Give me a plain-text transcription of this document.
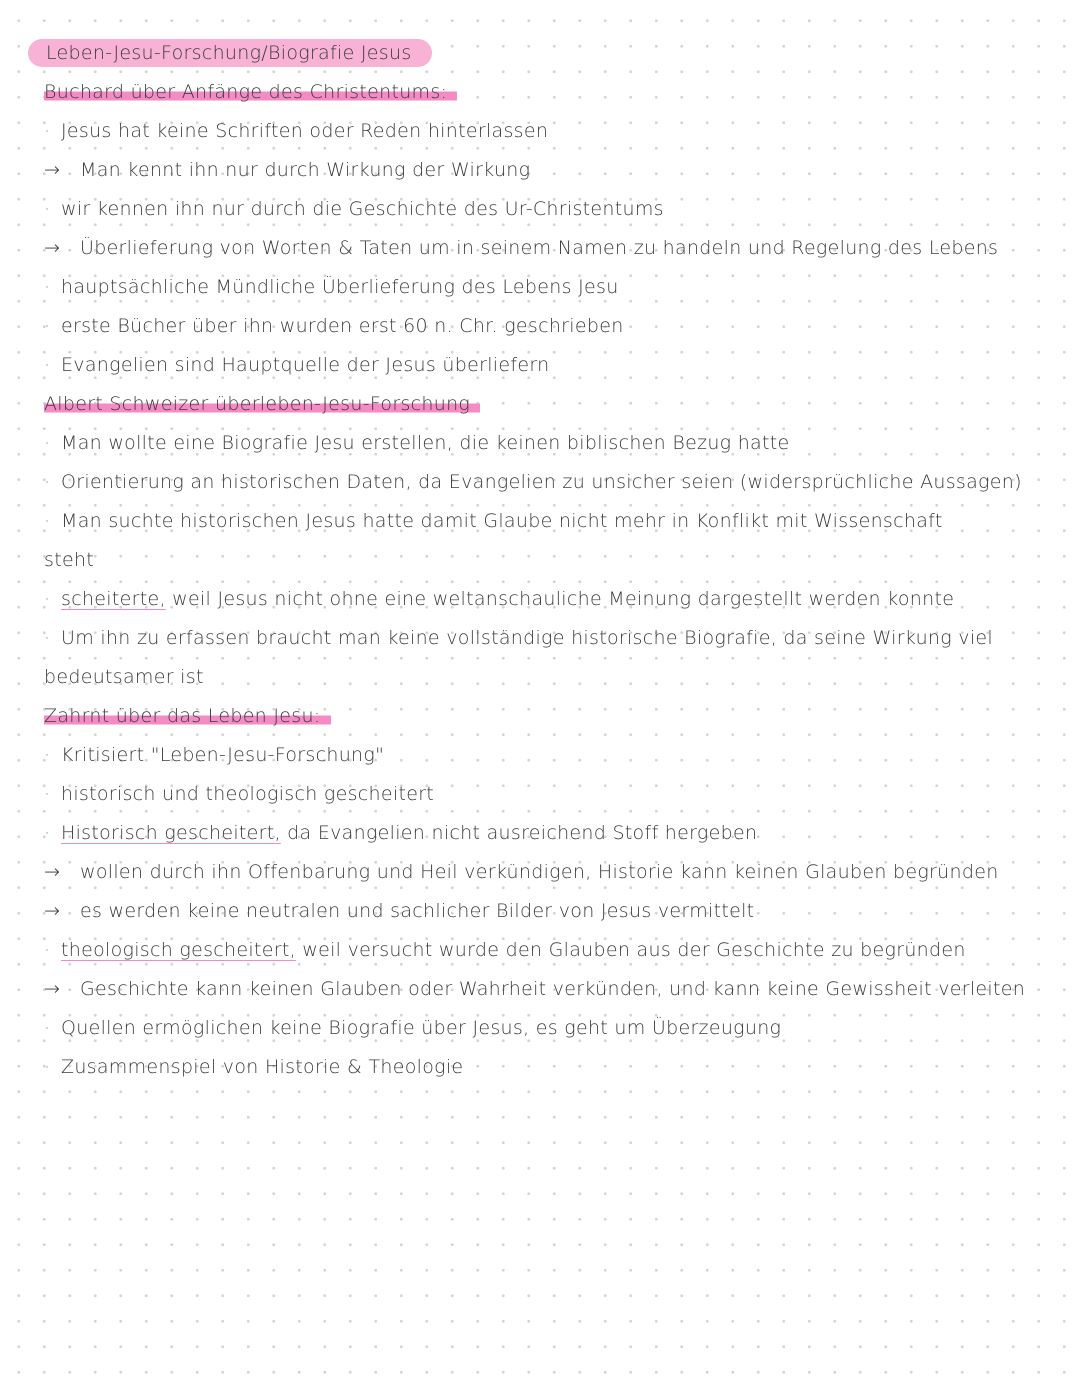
Leben-Jesu-Forschung/Biografie Jesus
Buchard über Anfänge des Christentums:
· Jesus hat keine Schriften oder Reden hinterlassen
→ Man kennt ihn nur durch Wirkung der Wirkung
· wir kennen ihn nur durch die Geschichte des Ur-Christentums
→ Überlieferung von Worten & Taten um in seinem Namen zu handeln und Regelung des Lebens
· hauptsächliche Mündliche Überlieferung des Lebens Jesu
· erste Bücher über ihn wurden erst 60 n. Chr. geschrieben
· Evangelien sind Hauptquelle der Jesus überliefern
Albert Schweizer überleben-Jesu-Forschung
· Man wollte eine Biografie Jesu erstellen, die keinen biblischen Bezug hatte
· Orientierung an historischen Daten, da Evangelien zu unsicher seien (widersprüchliche Aussagen)
· Man suchte historischen Jesus hatte damit Glaube nicht mehr in Konflikt mit Wissenschaft
steht
· scheiterte, weil Jesus nicht ohne eine weltanschauliche Meinung dargestellt werden konnte
· Um ihn zu erfassen braucht man keine vollständige historische Biografie, da seine Wirkung viel
bedeutsamer ist
Zahrnt über das Leben Jesu:
· Kritisiert "Leben-Jesu-Forschung"
· historisch und theologisch gescheitert
· Historisch gescheitert, da Evangelien nicht ausreichend Stoff hergeben
→ wollen durch ihn Offenbarung und Heil verkündigen, Historie kann keinen Glauben begründen
→ es werden keine neutralen und sachlicher Bilder von Jesus vermittelt
· theologisch gescheitert, weil versucht wurde den Glauben aus der Geschichte zu begründen
→ Geschichte kann keinen Glauben oder Wahrheit verkünden, und kann keine Gewissheit verleiten
· Quellen ermöglichen keine Biografie über Jesus, es geht um Überzeugung
· Zusammenspiel von Historie & Theologie
